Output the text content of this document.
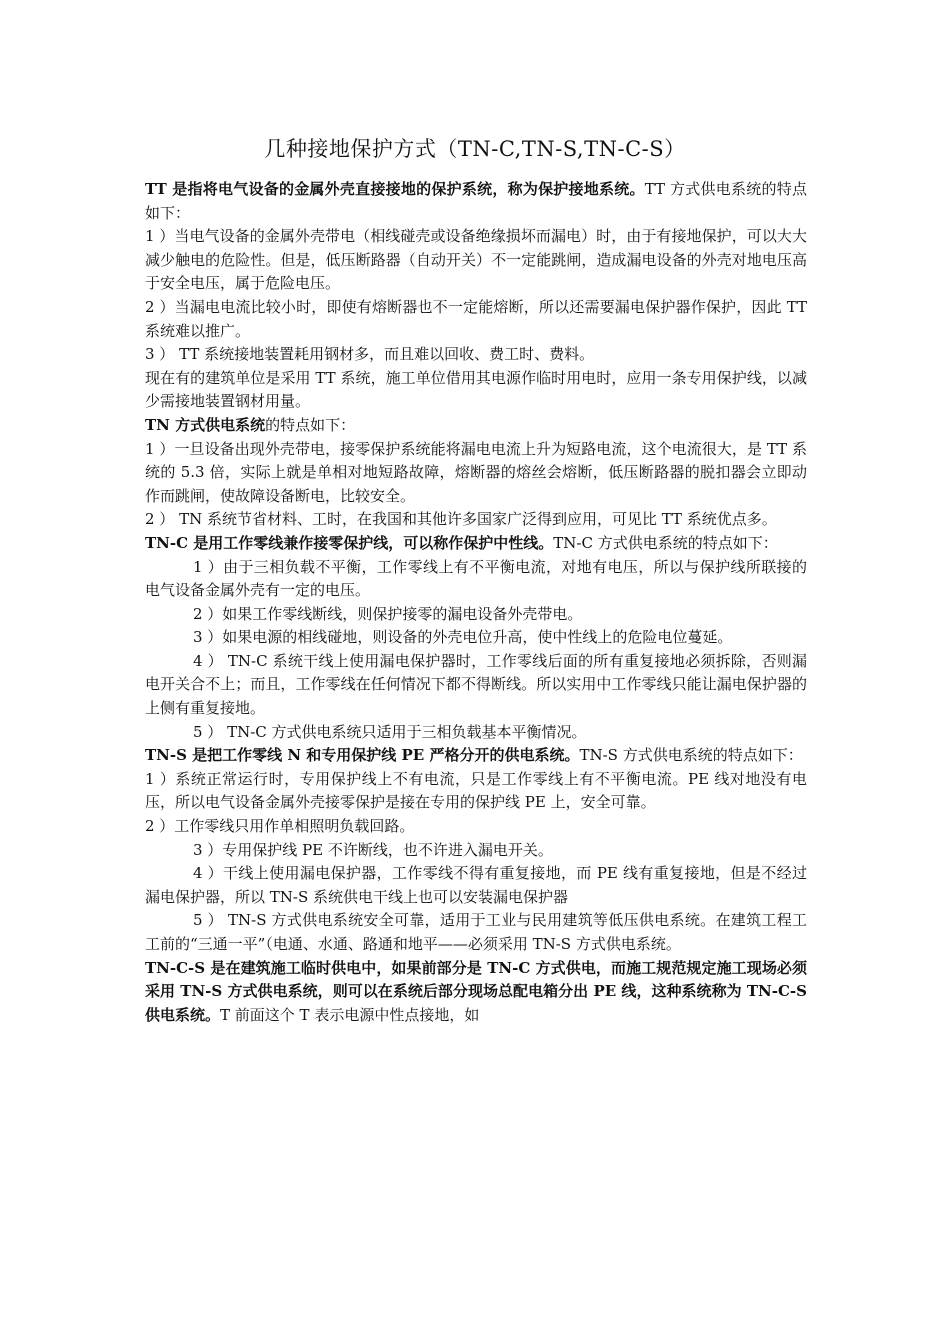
几种接地保护方式（TN-C,TN-S,TN-C-S）

TT 是指将电气设备的金属外壳直接接地的保护系统，称为保护接地系统。TT 方式供电系统的特点如下：

1 ）当电气设备的金属外壳带电（相线碰壳或设备绝缘损坏而漏电）时，由于有接地保护，可以大大减少触电的危险性。但是，低压断路器（自动开关）不一定能跳闸，造成漏电设备的外壳对地电压高于安全电压，属于危险电压。

2 ）当漏电电流比较小时，即使有熔断器也不一定能熔断，所以还需要漏电保护器作保护，因此 TT 系统难以推广。

3 ） TT 系统接地装置耗用钢材多，而且难以回收、费工时、费料。

现在有的建筑单位是采用 TT 系统，施工单位借用其电源作临时用电时，应用一条专用保护线，以减少需接地装置钢材用量。

TN 方式供电系统的特点如下：

1 ）一旦设备出现外壳带电，接零保护系统能将漏电电流上升为短路电流，这个电流很大，是 TT 系统的 5.3 倍，实际上就是单相对地短路故障，熔断器的熔丝会熔断，低压断路器的脱扣器会立即动作而跳闸，使故障设备断电，比较安全。

2 ） TN 系统节省材料、工时，在我国和其他许多国家广泛得到应用，可见比 TT 系统优点多。

TN-C 是用工作零线兼作接零保护线，可以称作保护中性线。TN-C 方式供电系统的特点如下：

1 ）由于三相负载不平衡，工作零线上有不平衡电流，对地有电压，所以与保护线所联接的电气设备金属外壳有一定的电压。

2 ）如果工作零线断线，则保护接零的漏电设备外壳带电。

3 ）如果电源的相线碰地，则设备的外壳电位升高，使中性线上的危险电位蔓延。

4 ） TN-C 系统干线上使用漏电保护器时，工作零线后面的所有重复接地必须拆除，否则漏电开关合不上；而且，工作零线在任何情况下都不得断线。所以实用中工作零线只能让漏电保护器的上侧有重复接地。

5 ） TN-C 方式供电系统只适用于三相负载基本平衡情况。

TN-S 是把工作零线 N 和专用保护线 PE 严格分开的供电系统。TN-S 方式供电系统的特点如下：

1 ）系统正常运行时，专用保护线上不有电流，只是工作零线上有不平衡电流。PE 线对地没有电压，所以电气设备金属外壳接零保护是接在专用的保护线 PE 上，安全可靠。

2 ）工作零线只用作单相照明负载回路。

3 ）专用保护线 PE 不许断线，也不许进入漏电开关。

4 ）干线上使用漏电保护器，工作零线不得有重复接地，而 PE 线有重复接地，但是不经过漏电保护器，所以 TN-S 系统供电干线上也可以安装漏电保护器

5 ） TN-S 方式供电系统安全可靠，适用于工业与民用建筑等低压供电系统。在建筑工程工工前的“三通一平”（电通、水通、路通和地平——必须采用 TN-S 方式供电系统。

TN-C-S 是在建筑施工临时供电中，如果前部分是 TN-C 方式供电，而施工规范规定施工现场必须采用 TN-S 方式供电系统，则可以在系统后部分现场总配电箱分出 PE 线，这种系统称为 TN-C-S 供电系统。T 前面这个 T 表示电源中性点接地，如
